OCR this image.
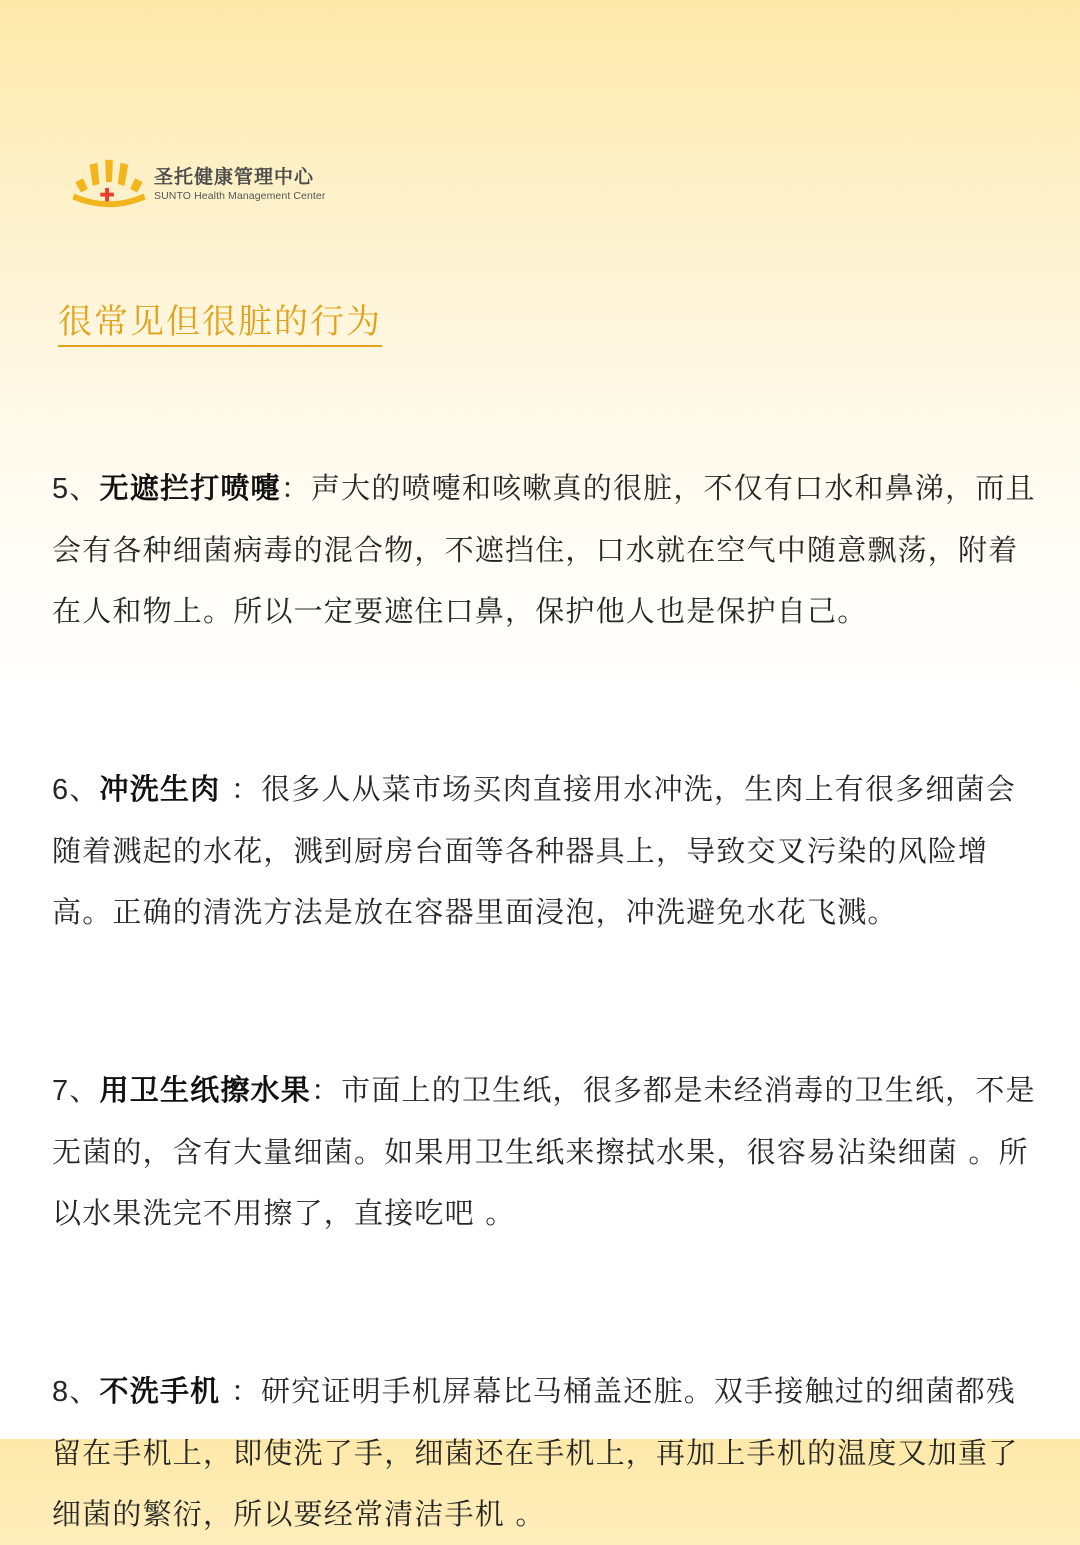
圣托健康管理中心
SUNTO Health Management Center
很常见但很脏的行为

5、无遮拦打喷嚏：声大的喷嚏和咳嗽真的很脏，不仅有口水和鼻涕，而且会有各种细菌病毒的混合物，不遮挡住，口水就在空气中随意飘荡，附着在人和物上。所以一定要遮住口鼻，保护他人也是保护自己。

6、冲洗生肉 ：很多人从菜市场买肉直接用水冲洗，生肉上有很多细菌会随着溅起的水花，溅到厨房台面等各种器具上，导致交叉污染的风险增高。正确的清洗方法是放在容器里面浸泡，冲洗避免水花飞溅。

7、用卫生纸擦水果：市面上的卫生纸，很多都是未经消毒的卫生纸，不是无菌的，含有大量细菌。如果用卫生纸来擦拭水果，很容易沾染细菌 。所以水果洗完不用擦了，直接吃吧 。

8、不洗手机 ：研究证明手机屏幕比马桶盖还脏。双手接触过的细菌都残留在手机上，即使洗了手，细菌还在手机上，再加上手机的温度又加重了细菌的繁衍，所以要经常清洁手机 。
